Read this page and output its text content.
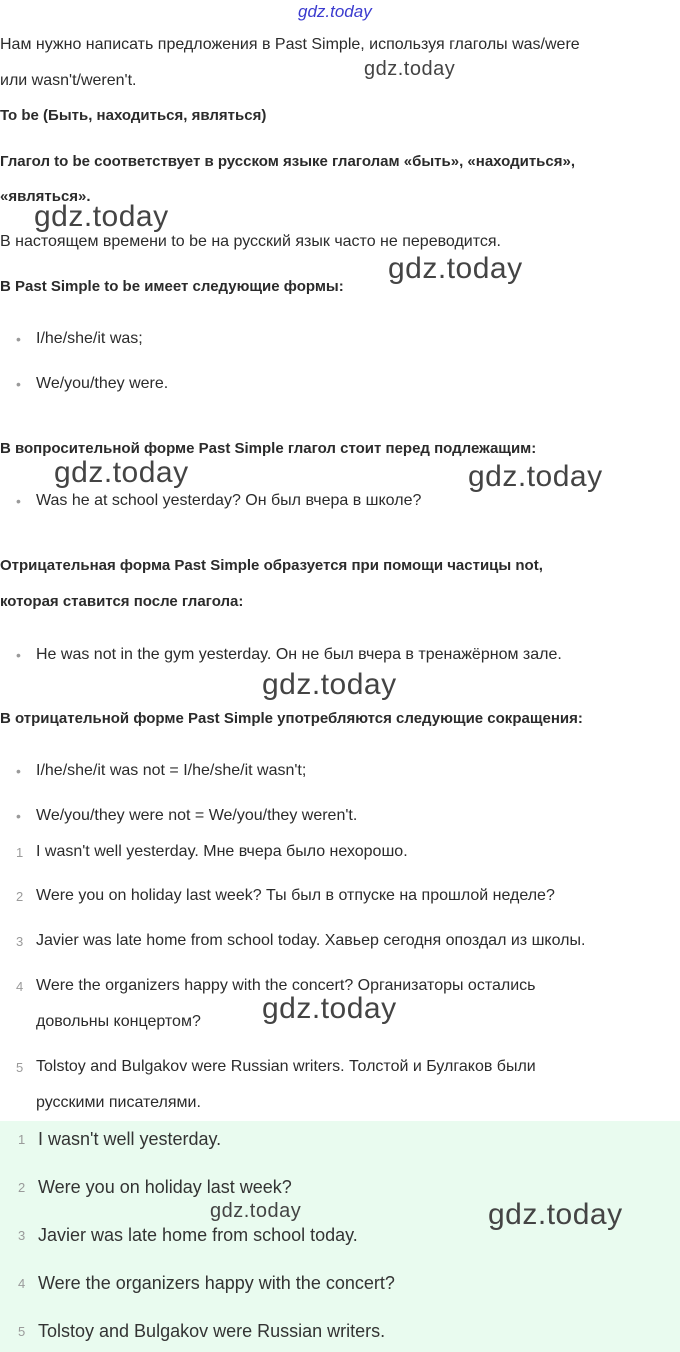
gdz.today
gdz.today
gdz.today
gdz.today
gdz.today	gdz.today
gdz.today
gdz.today
Нам нужно написать предложения в Past Simple, используя глаголы was/were
или wasn't/weren't.
To be (Быть, находиться, являться)
Глагол to be соответствует в русском языке глаголам «быть», «находиться»,
«являться».
В настоящем времени to be на русский язык часто не переводится.
В Past Simple to be имеет следующие формы:
• I/he/she/it was;
• We/you/they were.
В вопросительной форме Past Simple глагол стоит перед подлежащим:
• Was he at school yesterday? Он был вчера в школе?
Отрицательная форма Past Simple образуется при помощи частицы not,
которая ставится после глагола:
• He was not in the gym yesterday. Он не был вчера в тренажёрном зале.
В отрицательной форме Past Simple употребляются следующие сокращения:
• I/he/she/it was not = I/he/she/it wasn't;
• We/you/they were not = We/you/they weren't.
1 I wasn't well yesterday. Мне вчера было нехорошо.
2 Were you on holiday last week? Ты был в отпуске на прошлой неделе?
3 Javier was late home from school today. Хавьер сегодня опоздал из школы.
4 Were the organizers happy with the concert? Организаторы остались
довольны концертом?
5 Tolstoy and Bulgakov were Russian writers. Толстой и Булгаков были
русскими писателями.
gdz.today	gdz.today
1 I wasn't well yesterday.
2 Were you on holiday last week?
3 Javier was late home from school today.
4 Were the organizers happy with the concert?
5 Tolstoy and Bulgakov were Russian writers.
